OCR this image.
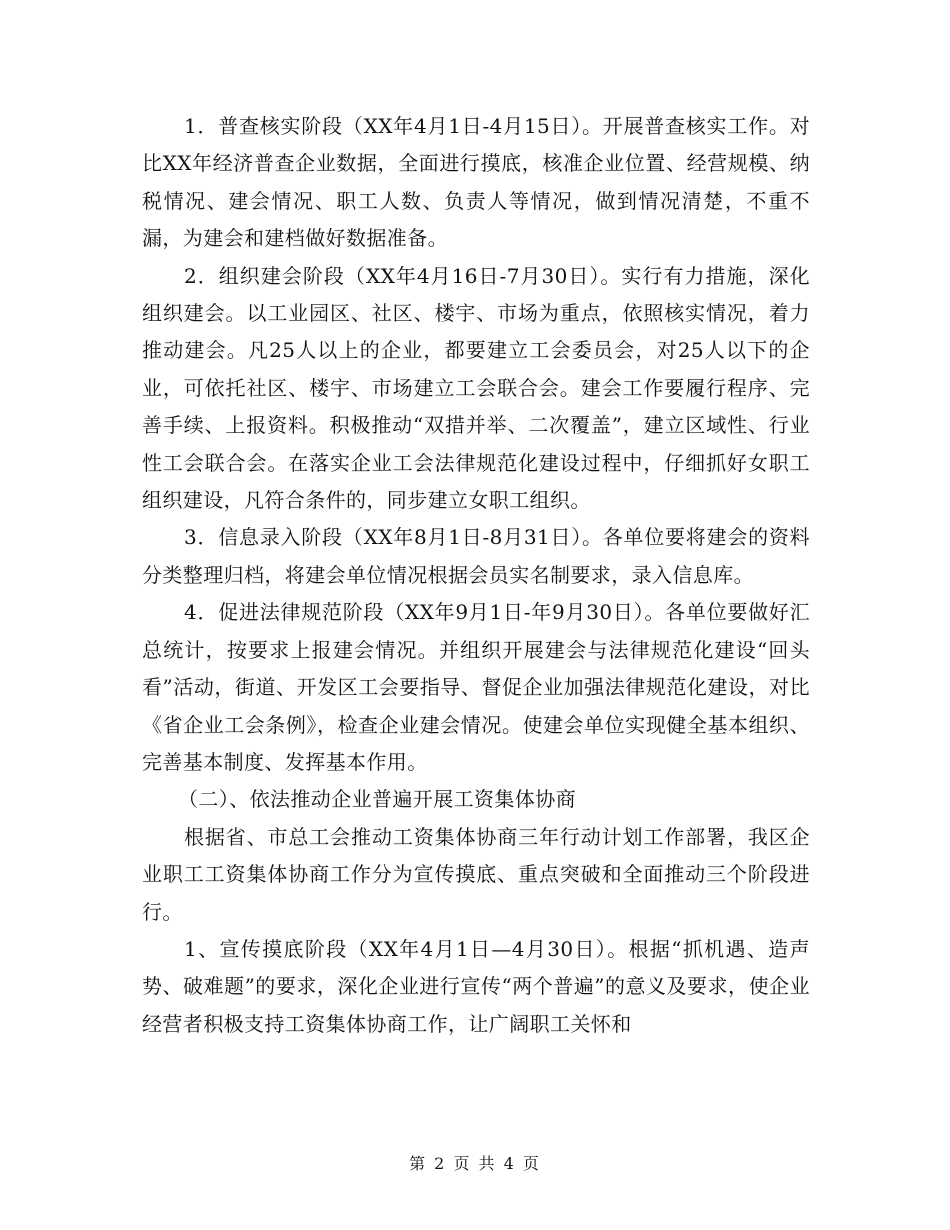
1．普查核实阶段（XX年4月1日-4月15日）。开展普查核实工作。对比XX年经济普查企业数据，全面进行摸底，核准企业位置、经营规模、纳税情况、建会情况、职工人数、负责人等情况，做到情况清楚，不重不漏，为建会和建档做好数据准备。

2．组织建会阶段（XX年4月16日-7月30日）。实行有力措施，深化组织建会。以工业园区、社区、楼宇、市场为重点，依照核实情况，着力推动建会。凡25人以上的企业，都要建立工会委员会，对25人以下的企业，可依托社区、楼宇、市场建立工会联合会。建会工作要履行程序、完善手续、上报资料。积极推动“双措并举、二次覆盖”，建立区域性、行业性工会联合会。在落实企业工会法律规范化建设过程中，仔细抓好女职工组织建设，凡符合条件的，同步建立女职工组织。

3．信息录入阶段（XX年8月1日-8月31日）。各单位要将建会的资料分类整理归档，将建会单位情况根据会员实名制要求，录入信息库。

4．促进法律规范阶段（XX年9月1日-年9月30日）。各单位要做好汇总统计，按要求上报建会情况。并组织开展建会与法律规范化建设“回头看”活动，街道、开发区工会要指导、督促企业加强法律规范化建设，对比《省企业工会条例》，检查企业建会情况。使建会单位实现健全基本组织、完善基本制度、发挥基本作用。

（二）、依法推动企业普遍开展工资集体协商

根据省、市总工会推动工资集体协商三年行动计划工作部署，我区企业职工工资集体协商工作分为宣传摸底、重点突破和全面推动三个阶段进行。

1、宣传摸底阶段（XX年4月1日—4月30日）。根据“抓机遇、造声势、破难题”的要求，深化企业进行宣传“两个普遍”的意义及要求，使企业经营者积极支持工资集体协商工作，让广阔职工关怀和

第 2 页 共 4 页
